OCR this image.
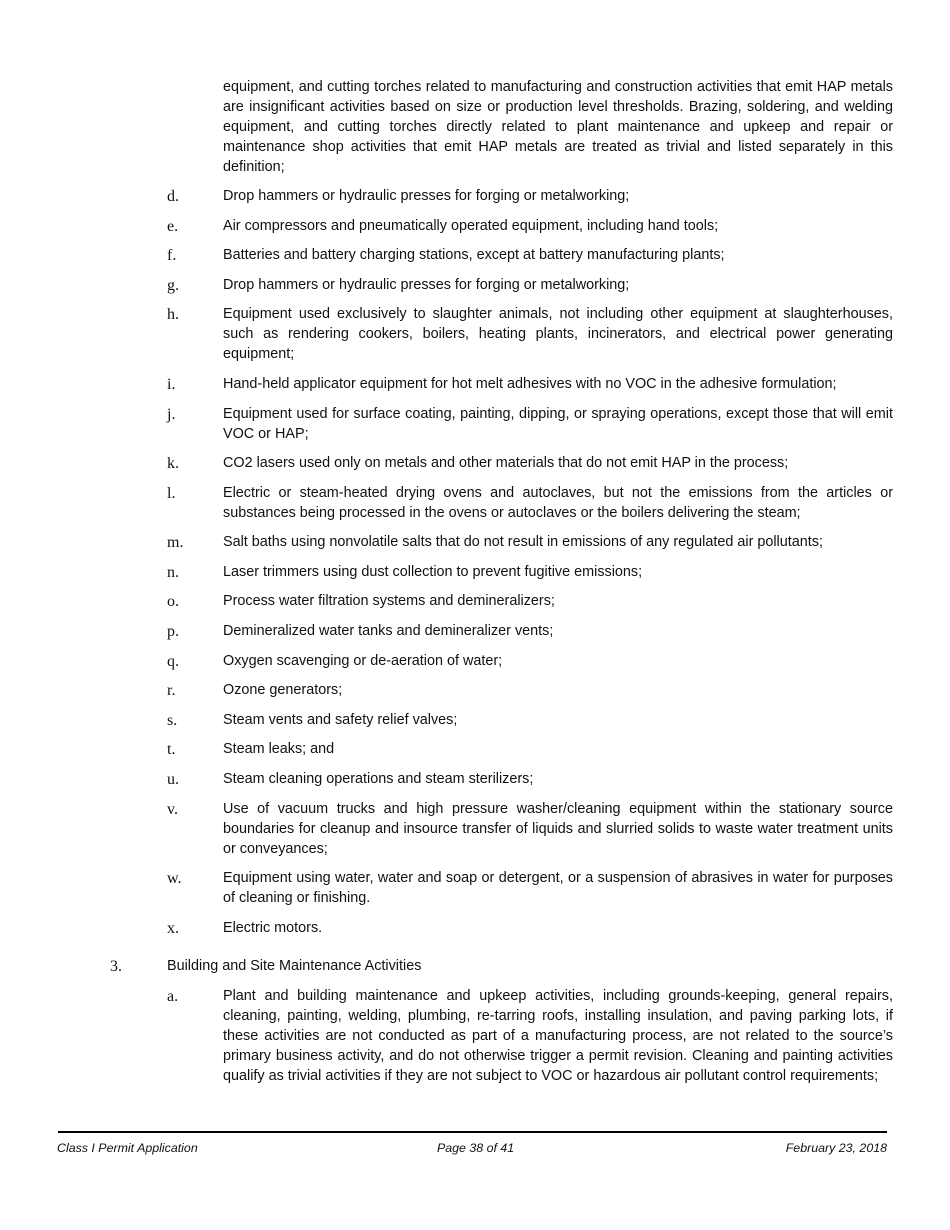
equipment, and cutting torches related to manufacturing and construction activities that emit HAP metals are insignificant activities based on size or production level thresholds. Brazing, soldering, and welding equipment, and cutting torches directly related to plant maintenance and upkeep and repair or maintenance shop activities that emit HAP metals are treated as trivial and listed separately in this definition;

d.	Drop hammers or hydraulic presses for forging or metalworking;
e.	Air compressors and pneumatically operated equipment, including hand tools;
f.	Batteries and battery charging stations, except at battery manufacturing plants;
g.	Drop hammers or hydraulic presses for forging or metalworking;
h.	Equipment used exclusively to slaughter animals, not including other equipment at slaughterhouses, such as rendering cookers, boilers, heating plants, incinerators, and electrical power generating equipment;
i.	Hand-held applicator equipment for hot melt adhesives with no VOC in the adhesive formulation;
j.	Equipment used for surface coating, painting, dipping, or spraying operations, except those that will emit VOC or HAP;
k.	CO2 lasers used only on metals and other materials that do not emit HAP in the process;
l.	Electric or steam-heated drying ovens and autoclaves, but not the emissions from the articles or substances being processed in the ovens or autoclaves or the boilers delivering the steam;
m.	Salt baths using nonvolatile salts that do not result in emissions of any regulated air pollutants;
n.	Laser trimmers using dust collection to prevent fugitive emissions;
o.	Process water filtration systems and demineralizers;
p.	Demineralized water tanks and demineralizer vents;
q.	Oxygen scavenging or de-aeration of water;
r.	Ozone generators;
s.	Steam vents and safety relief valves;
t.	Steam leaks; and
u.	Steam cleaning operations and steam sterilizers;
v.	Use of vacuum trucks and high pressure washer/cleaning equipment within the stationary source boundaries for cleanup and insource transfer of liquids and slurried solids to waste water treatment units or conveyances;
w.	Equipment using water, water and soap or detergent, or a suspension of abrasives in water for purposes of cleaning or finishing.
x.	Electric motors.
3.	Building and Site Maintenance Activities
a.	Plant and building maintenance and upkeep activities, including grounds-keeping, general repairs, cleaning, painting, welding, plumbing, re-tarring roofs, installing insulation, and paving parking lots, if these activities are not conducted as part of a manufacturing process, are not related to the source’s primary business activity, and do not otherwise trigger a permit revision. Cleaning and painting activities qualify as trivial activities if they are not subject to VOC or hazardous air pollutant control requirements;
Class I Permit Application	Page 38 of 41	February 23, 2018
